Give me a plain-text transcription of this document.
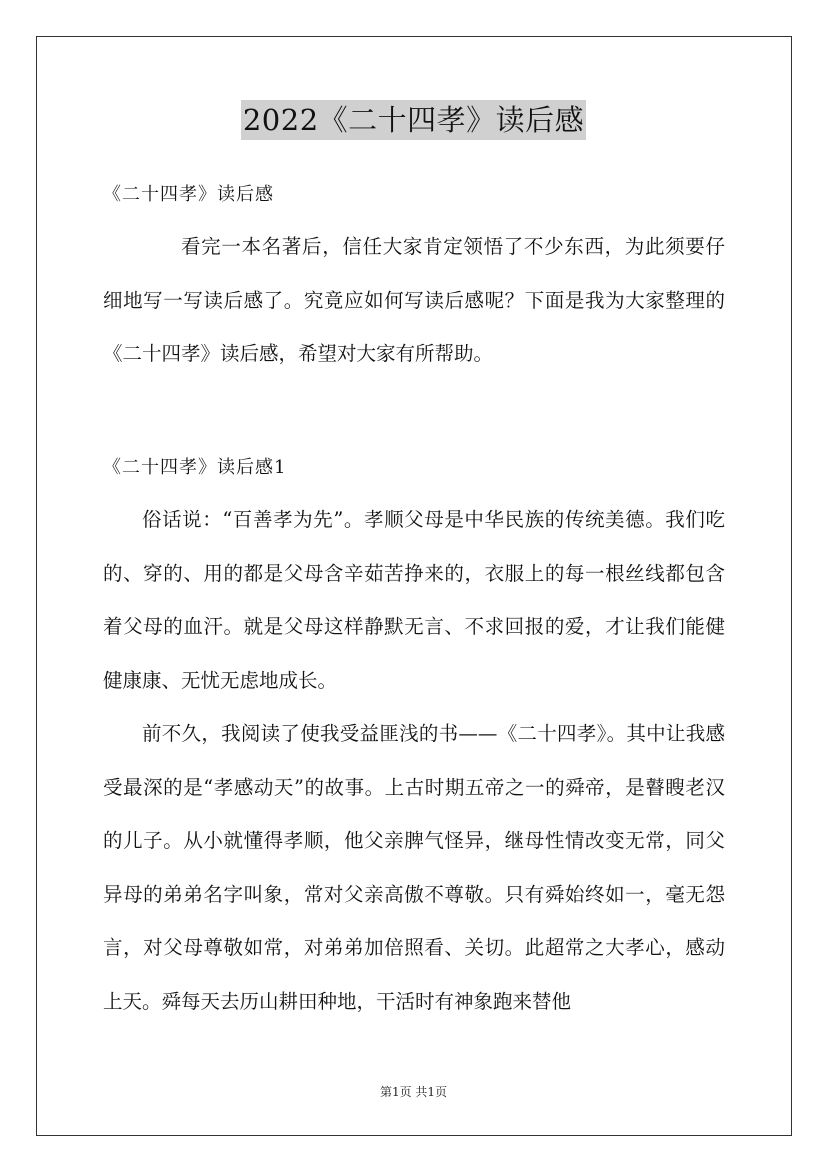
2022《二十四孝》读后感
《二十四孝》读后感

看完一本名著后，信任大家肯定领悟了不少东西，为此须要仔细地写一写读后感了。究竟应如何写读后感呢？下面是我为大家整理的《二十四孝》读后感，希望对大家有所帮助。

《二十四孝》读后感1

俗话说：“百善孝为先”。孝顺父母是中华民族的传统美德。我们吃的、穿的、用的都是父母含辛茹苦挣来的，衣服上的每一根丝线都包含着父母的血汗。就是父母这样静默无言、不求回报的爱，才让我们能健健康康、无忧无虑地成长。

前不久，我阅读了使我受益匪浅的书——《二十四孝》。其中让我感受最深的是“孝感动天”的故事。上古时期五帝之一的舜帝，是瞽瞍老汉的儿子。从小就懂得孝顺，他父亲脾气怪异，继母性情改变无常，同父异母的弟弟名字叫象，常对父亲高傲不尊敬。只有舜始终如一，毫无怨言，对父母尊敬如常，对弟弟加倍照看、关切。此超常之大孝心，感动上天。舜每天去历山耕田种地，干活时有神象跑来替他

第1页 共1页
